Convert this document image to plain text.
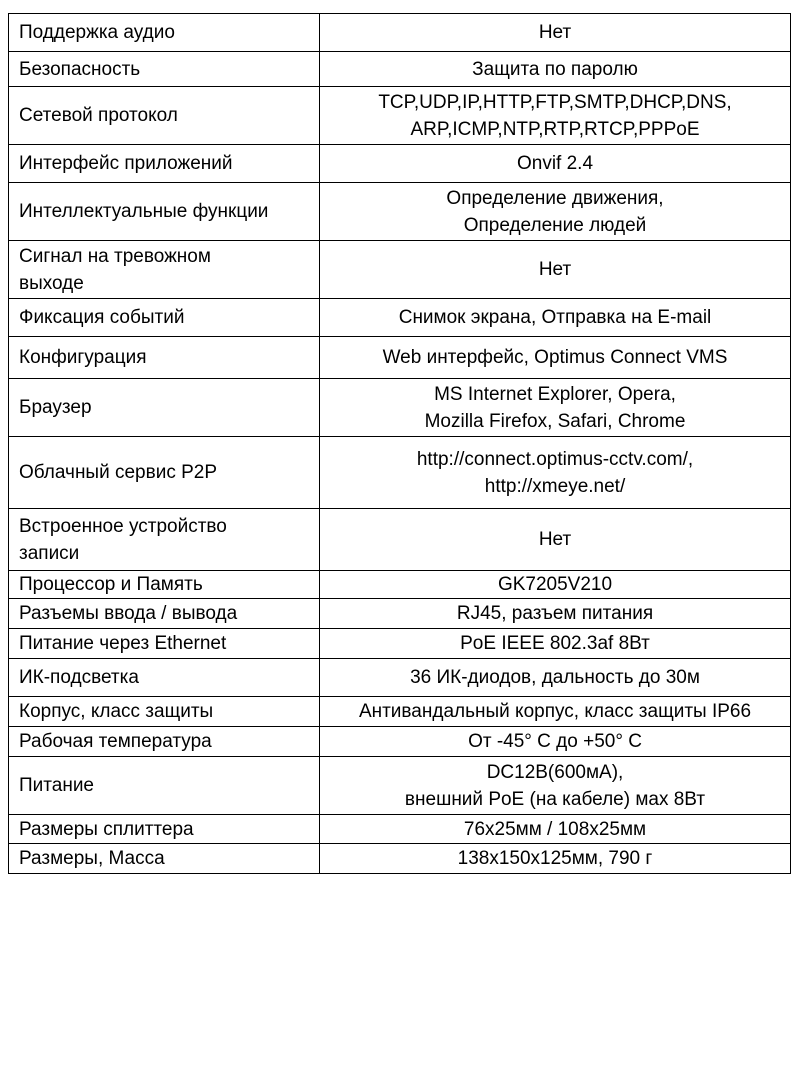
Поддержка аудио	Нет
Безопасность	Защита по паролю
Сетевой протокол	TCP,UDP,IP,HTTP,FTP,SMTP,DHCP,DNS,
ARP,ICMP,NTP,RTP,RTCP,PPPoE
Интерфейс приложений	Onvif 2.4
Интеллектуальные функции	Определение движения,
Определение людей
Сигнал на тревожном
выходе	Нет
Фиксация событий	Снимок экрана, Отправка на E-mail
Конфигурация	Web интерфейс, Optimus Connect VMS
Браузер	MS Internet Explorer, Opera,
Mozilla Firefox, Safari, Chrome
Облачный сервис P2P	http://connect.optimus-cctv.com/,
http://xmeye.net/
Встроенное устройство
записи	Нет
Процессор и Память	GK7205V210
Разъемы ввода / вывода	RJ45, разъем питания
Питание через Ethernet	PoE IEEE 802.3af 8Вт
ИК-подсветка	36 ИК-диодов, дальность до 30м
Корпус, класс защиты	Антивандальный корпус, класс защиты IP66
Рабочая температура	От -45° С до +50° С
Питание	DC12В(600мА),
внешний PoE (на кабеле) мах 8Вт
Размеры сплиттера	76x25мм / 108x25мм
Размеры, Масса	138x150x125мм, 790 г
